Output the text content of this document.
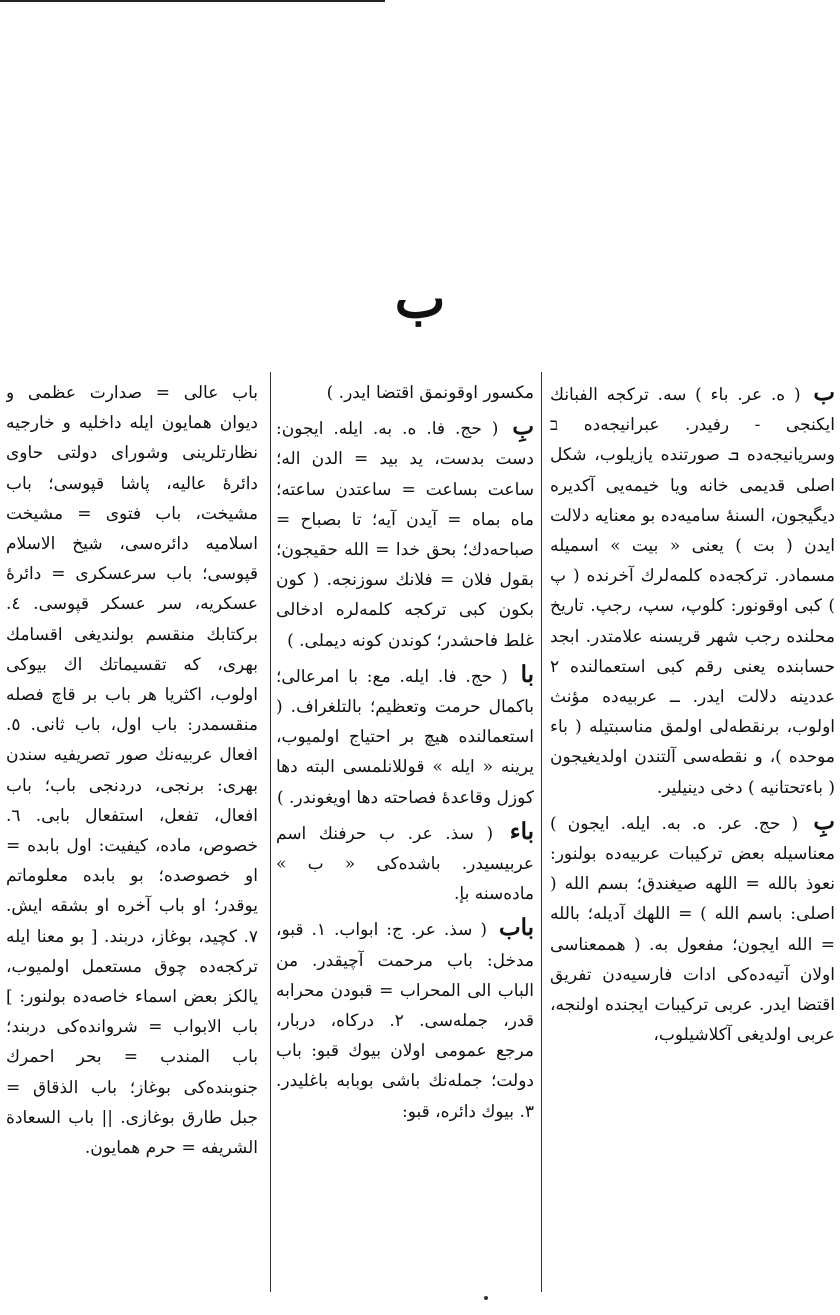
ب

ب ( ﻩ. عر. باء ) سه. تركجه الفبانك ايكنجی ‐ رفيدر. عبرانيجه‌ده ב وسريانيجه‌ده ܒ صورتنده يازيلوب، شكل اصلی قديمی خانه ويا خيمه‌يی آكديره ديگيجون، السنهٔ ساميه‌ده بو معنايه دلالت ايدن ( بت ) يعنی « بيت » اسميله مسمادر. تركجه‌ده كلمه‌لرك آخرنده ( پ ) كبی اوقونور: كلوپ، سپ، رجپ. تاريخ محلنده رجب شهر قريسنه علامتدر. ابجد حسابنده يعنی رقم كبی استعمالنده ٢ عددينه دلالت ايدر. ــ عربيه‌ده مؤنث اولوب، برنقطه‌لی اولمق مناسبتيله ( باء موحده )، و نقطه‌سی آلتندن اولديغيجون ( باءتحتانيه ) دخی دينيلير.

بِ ( حج. عر. ه. به. ايله. ايجون ) معناسيله بعض تركيبات عربيه‌ده بولنور: نعوذ بالله = اللهه صيغندق؛ بسم الله ( اصلی: باسم الله ) = اللهك آديله؛ بالله = الله ايجون؛ مفعول به. ( هممعناسی اولان آتيه‌ده‌كی ادات فارسيه‌دن تفريق اقتضا ايدر. عربی تركيبات ايجنده اولنجه، عربی اولديغی آكلاشيلوب،

مكسور اوقونمق اقتضا ايدر. )

بِ ( حج. فا. ه. به. ايله. ايجون: دست بدست، يد بيد = الدن اله؛ ساعت بساعت = ساعتدن ساعته؛ ماه بماه = آيدن آيه؛ تا بصباح = صباحه‌دك؛ بحق خدا = الله حقيجون؛ بقول فلان = فلانك سوزنجه. ( كون بكون كبی تركجه كلمه‌لره ادخالی غلط فاحشدر؛ كوندن كونه ديملی. )

با ( حج. فا. ايله. مع: با امرعالی؛ باكمال حرمت وتعظيم؛ بالتلغراف. ( استعمالنده هيچ بر احتياج اولميوب، يرينه « ايله » قوللانلمسی البته دها كوزل وقاعدهٔ فصاحته دها اويغوندر. )

باء ( سذ. عر. ب حرفنك اسم عربيسيدر. باشده‌كی « ب » ماده‌سنه بإ.

باب ( سذ. عر. ج: ابواب. ١. قبو، مدخل: باب مرحمت آچيقدر. من الباب الی المحراب = قبودن محرابه قدر، جمله‌سی. ٢. دركاه، دربار، مرجع عمومی اولان بيوك قبو: باب دولت؛ جمله‌نك باشی بوبابه باغليدر. ٣. بيوك دائره، قبو:

باب عالی = صدارت عظمی و ديوان همايون ايله داخليه و خارجيه نظارتلرينی وشورای دولتی حاوی دائرهٔ عاليه، پاشا قپوسی؛ باب مشيخت، باب فتوی = مشيخت اسلاميه دائره‌سی، شيخ الاسلام قپوسی؛ باب سرعسكری = دائرهٔ عسكريه، سر عسكر قپوسی. ٤. بركتابك منقسم بولنديغی اقسامك بهری، كه تقسيماتك اك بيوكی اولوب، اكثريا هر باب بر قاچ فصله منقسمدر: باب اول، باب ثانی. ٥. افعال عربيه‌نك صور تصريفيه سندن بهری: برنجی، دردنجی باب؛ باب افعال، تفعل، استفعال بابی. ٦. خصوص، ماده، كيفيت: اول بابده = او خصوصده؛ بو بابده معلوماتم يوقدر؛ او باب آخره او بشقه ايش. ٧. كچيد، بوغاز، دربند. [ بو معنا ايله تركجه‌ده چوق مستعمل اولميوب، يالكز بعض اسماء خاصه‌ده بولنور: ] باب الابواب = شروانده‌كی دربند؛ باب المندب = بحر احمرك جنوبنده‌كی بوغاز؛ باب الذقاق = جبل طارق بوغازی. || باب السعادة الشريفه = حرم همايون.
